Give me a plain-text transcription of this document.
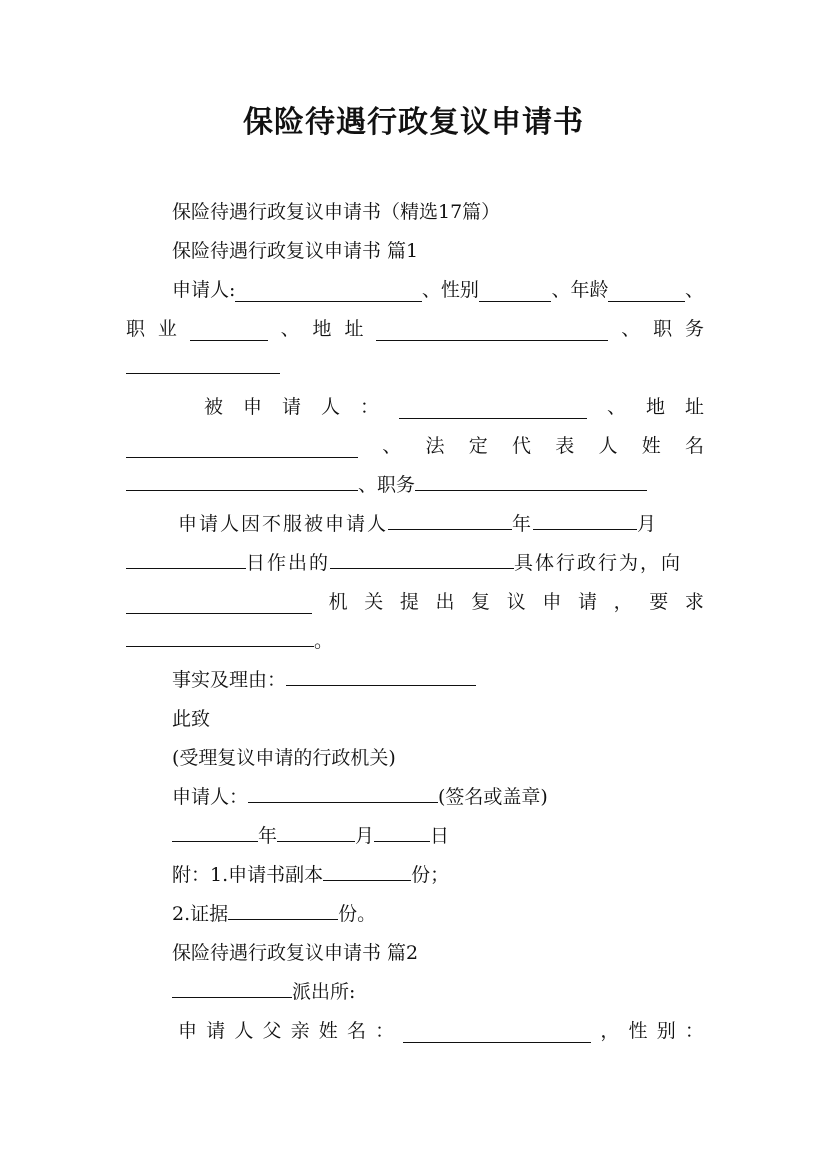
保险待遇行政复议申请书
保险待遇行政复议申请书（精选17篇）
保险待遇行政复议申请书 篇1
申请人:	、性别	、年龄	、
职 业	、 地 址	、 职 务
被 申 请 人 ：	、 地 址
、 法 定 代 表 人 姓 名
、职务
申请人因不服被申请人	年	月
日作出的	具体行政行为，向
机 关 提 出 复 议 申 请 ， 要 求
。
事实及理由：
此致
(受理复议申请的行政机关)
申请人：	(签名或盖章)
年	月	日
附：1.申请书副本	份；
2.证据	份。
保险待遇行政复议申请书 篇2
派出所:
申 请 人 父 亲 姓 名 ：	， 性 别 ：
